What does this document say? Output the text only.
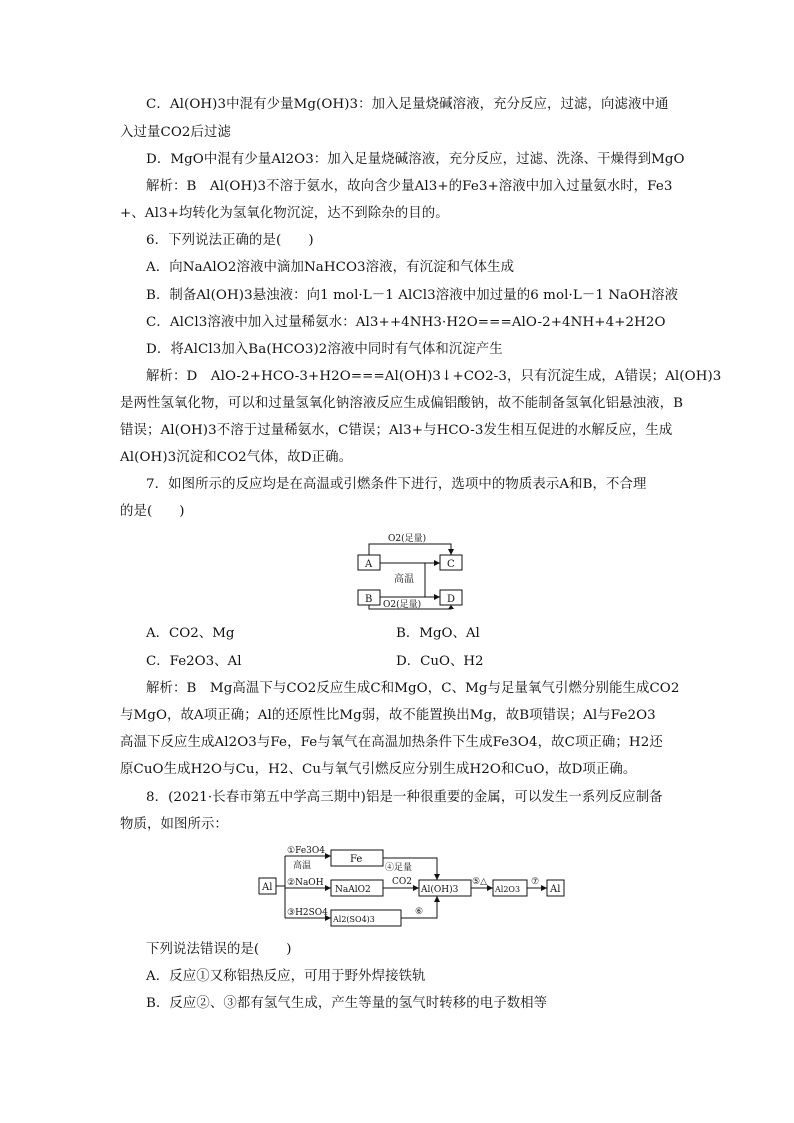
C．Al(OH)3中混有少量Mg(OH)3：加入足量烧碱溶液，充分反应，过滤，向滤液中通
入过量CO2后过滤
D．MgO中混有少量Al2O3：加入足量烧碱溶液，充分反应，过滤、洗涤、干燥得到MgO
解析：B　Al(OH)3不溶于氨水，故向含少量Al3+的Fe3+溶液中加入过量氨水时，Fe3
+、Al3+均转化为氢氧化物沉淀，达不到除杂的目的。
6．下列说法正确的是(　　)
A．向NaAlO2溶液中滴加NaHCO3溶液，有沉淀和气体生成
B．制备Al(OH)3悬浊液：向1 mol·L－1 AlCl3溶液中加过量的6 mol·L－1 NaOH溶液
C．AlCl3溶液中加入过量稀氨水：Al3++4NH3·H2O===AlO-2+4NH+4+2H2O
D．将AlCl3加入Ba(HCO3)2溶液中同时有气体和沉淀产生
解析：D　AlO-2+HCO-3+H2O===Al(OH)3↓+CO2-3，只有沉淀生成，A错误；Al(OH)3
是两性氢氧化物，可以和过量氢氧化钠溶液反应生成偏铝酸钠，故不能制备氢氧化铝悬浊液，B
错误；Al(OH)3不溶于过量稀氨水，C错误；Al3+与HCO-3发生相互促进的水解反应，生成
Al(OH)3沉淀和CO2气体，故D正确。
7．如图所示的反应均是在高温或引燃条件下进行，选项中的物质表示A和B，不合理
的是(　　)
A	C
B	D
O2(足量)
高温
O2(足量)
A．CO2、Mg	B．MgO、Al
C．Fe2O3、Al	D．CuO、H2
解析：B　Mg高温下与CO2反应生成C和MgO，C、Mg与足量氧气引燃分别能生成CO2
与MgO，故A项正确；Al的还原性比Mg弱，故不能置换出Mg，故B项错误；Al与Fe2O3
高温下反应生成Al2O3与Fe，Fe与氧气在高温加热条件下生成Fe3O4，故C项正确；H2还
原CuO生成H2O与Cu，H2、Cu与氧气引燃反应分别生成H2O和CuO，故D项正确。
8．(2021·长春市第五中学高三期中)铝是一种很重要的金属，可以发生一系列反应制备
物质，如图所示：
Al
①Fe3O4
高温
Fe
④足量
②NaOH
NaAlO2
CO2
Al(OH)3
⑤△
Al2O3
⑦
Al
③H2SO4
Al2(SO4)3
⑥
下列说法错误的是(　　)
A．反应①又称铝热反应，可用于野外焊接铁轨
B．反应②、③都有氢气生成，产生等量的氢气时转移的电子数相等
